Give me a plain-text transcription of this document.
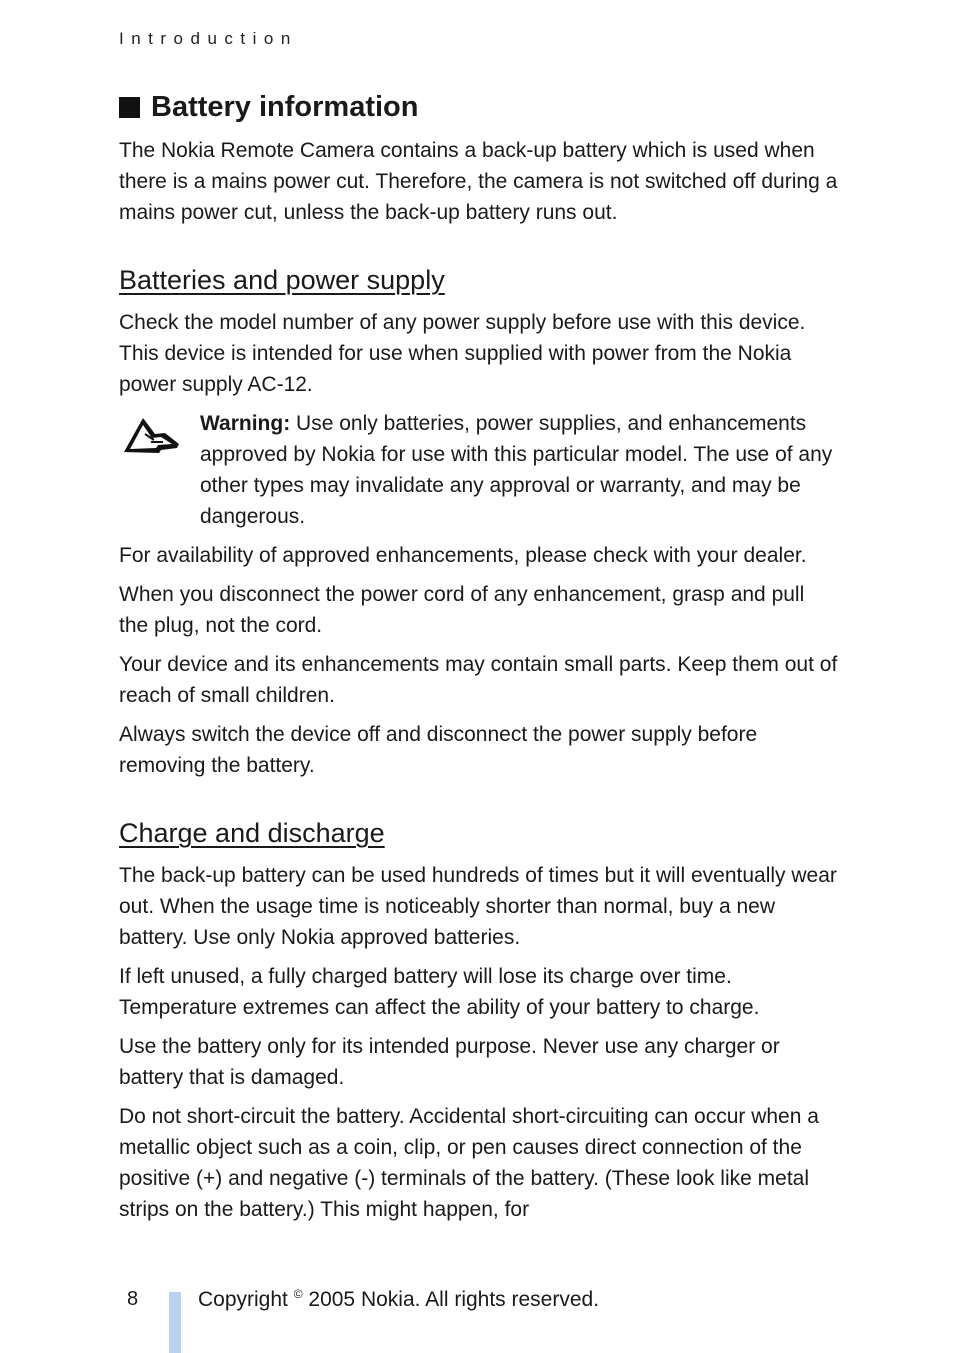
Introduction
Battery information

The Nokia Remote Camera contains a back-up battery which is used when there is a mains power cut. Therefore, the camera is not switched off during a mains power cut, unless the back-up battery runs out.

Batteries and power supply

Check the model number of any power supply before use with this device. This device is intended for use when supplied with power from the Nokia power supply AC-12.

Warning: Use only batteries, power supplies, and enhancements approved by Nokia for use with this particular model. The use of any other types may invalidate any approval or warranty, and may be dangerous.

For availability of approved enhancements, please check with your dealer.

When you disconnect the power cord of any enhancement, grasp and pull the plug, not the cord.

Your device and its enhancements may contain small parts. Keep them out of reach of small children.

Always switch the device off and disconnect the power supply before removing the battery.

Charge and discharge

The back-up battery can be used hundreds of times but it will eventually wear out. When the usage time is noticeably shorter than normal, buy a new battery. Use only Nokia approved batteries.

If left unused, a fully charged battery will lose its charge over time. Temperature extremes can affect the ability of your battery to charge.

Use the battery only for its intended purpose. Never use any charger or battery that is damaged.

Do not short-circuit the battery. Accidental short-circuiting can occur when a metallic object such as a coin, clip, or pen causes direct connection of the positive (+) and negative (-) terminals of the battery. (These look like metal strips on the battery.) This might happen, for

8	Copyright © 2005 Nokia. All rights reserved.
